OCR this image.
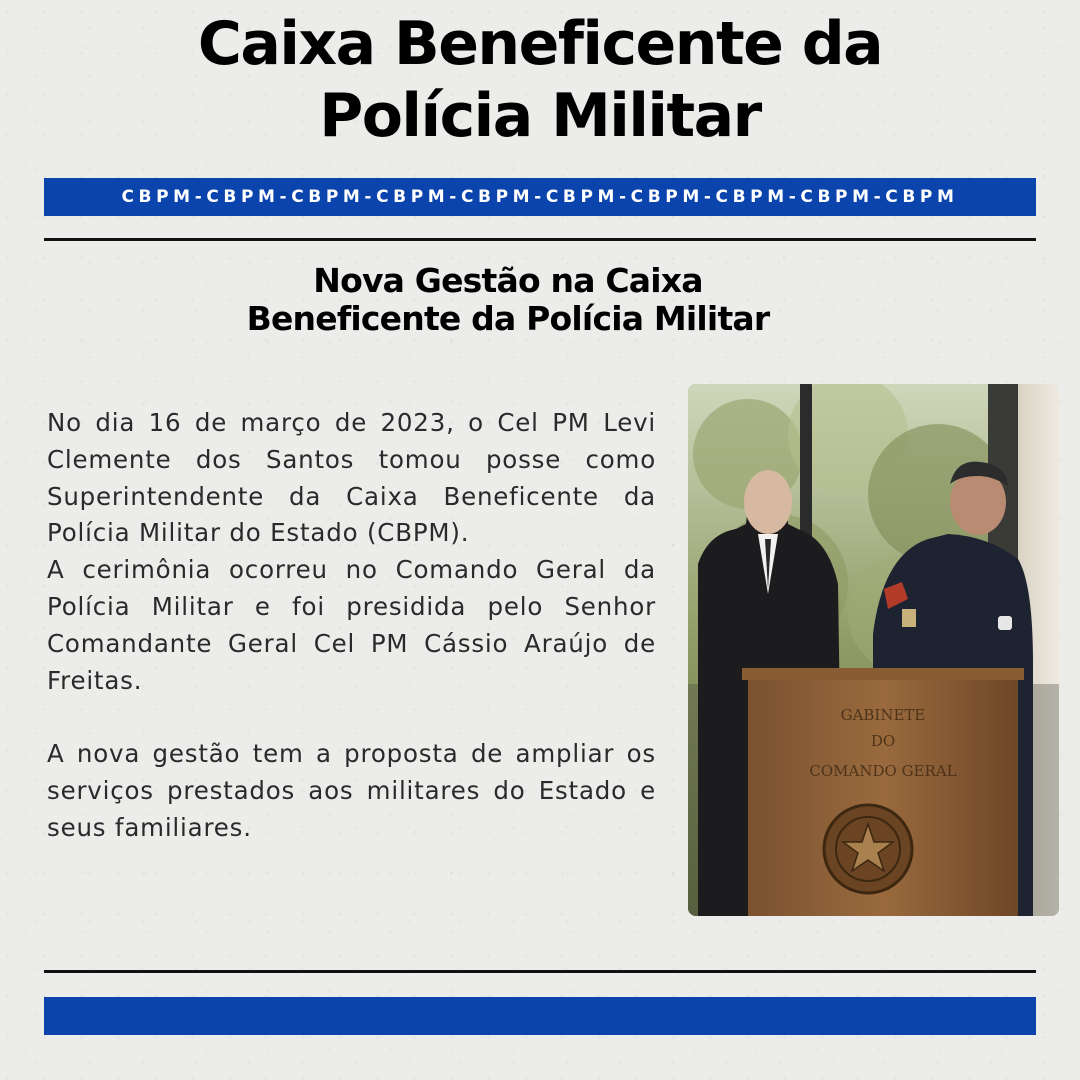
Caixa Beneficente da
Polícia Militar
CBPM-CBPM-CBPM-CBPM-CBPM-CBPM-CBPM-CBPM-CBPM-CBPM
Nova Gestão na Caixa
Beneficente da Polícia Militar

No dia 16 de março de 2023, o Cel PM Levi Clemente dos Santos tomou posse como Superintendente da Caixa Beneficente da Polícia Militar do Estado (CBPM).

A cerimônia ocorreu no Comando Geral da Polícia Militar e foi presidida pelo Senhor Comandante Geral Cel PM Cássio Araújo de Freitas.

A nova gestão tem a proposta de ampliar os serviços prestados aos militares do Estado e seus familiares.

GABINETE
DO
COMANDO GERAL
